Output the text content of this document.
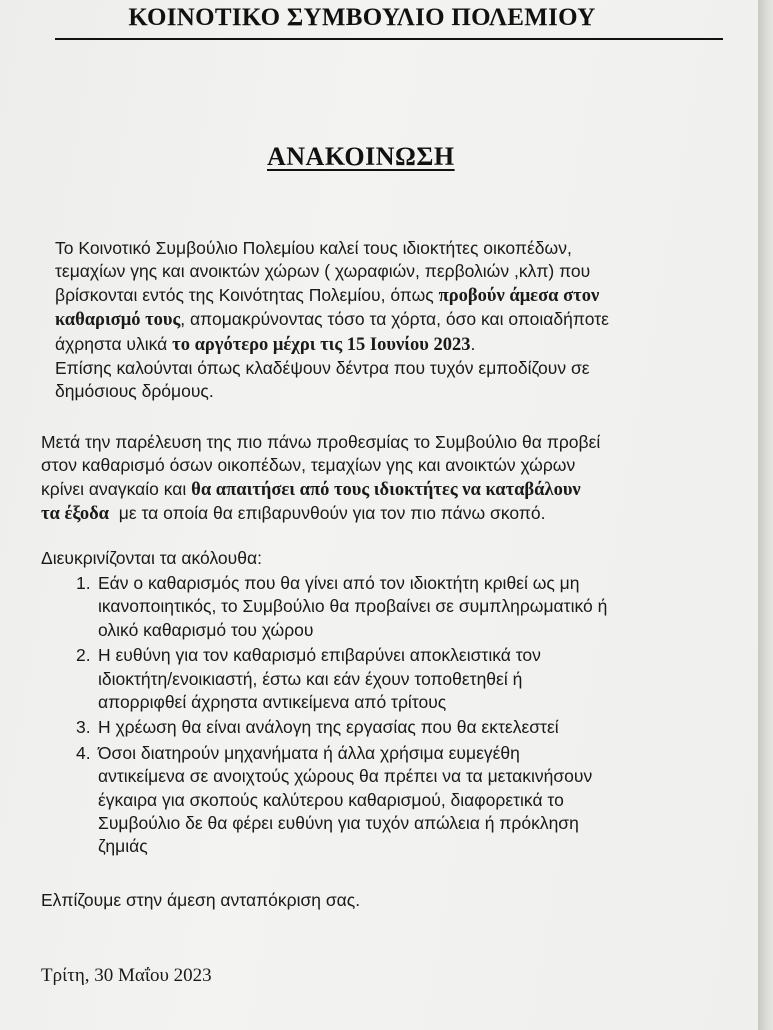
ΚΟΙΝΟΤΙΚΟ ΣΥΜΒΟΥΛΙΟ ΠΟΛΕΜΙΟΥ
ΑΝΑΚΟΙΝΩΣΗ
Το Κοινοτικό Συμβούλιο Πολεμίου καλεί τους ιδιοκτήτες οικοπέδων,
τεμαχίων γης και ανοικτών χώρων ( χωραφιών, περβολιών ,κλπ) που
βρίσκονται εντός της Κοινότητας Πολεμίου, όπως προβούν άμεσα στον
καθαρισμό τους, απομακρύνοντας τόσο τα χόρτα, όσο και οποιαδήποτε
άχρηστα υλικά το αργότερο μέχρι τις 15 Ιουνίου 2023.
Επίσης καλούνται όπως κλαδέψουν δέντρα που τυχόν εμποδίζουν σε
δημόσιους δρόμους.
Μετά την παρέλευση της πιο πάνω προθεσμίας το Συμβούλιο θα προβεί
στον καθαρισμό όσων οικοπέδων, τεμαχίων γης και ανοικτών χώρων
κρίνει αναγκαίο και θα απαιτήσει από τους ιδιοκτήτες να καταβάλουν
τα έξοδα  με τα οποία θα επιβαρυνθούν για τον πιο πάνω σκοπό.
Διευκρινίζονται τα ακόλουθα:
1. Εάν ο καθαρισμός που θα γίνει από τον ιδιοκτήτη κριθεί ως μη
ικανοποιητικός, το Συμβούλιο θα προβαίνει σε συμπληρωματικό ή
ολικό καθαρισμό του χώρου
2. Η ευθύνη για τον καθαρισμό επιβαρύνει αποκλειστικά τον
ιδιοκτήτη/ενοικιαστή, έστω και εάν έχουν τοποθετηθεί ή
απορριφθεί άχρηστα αντικείμενα από τρίτους
3. Η χρέωση θα είναι ανάλογη της εργασίας που θα εκτελεστεί
4. Όσοι διατηρούν μηχανήματα ή άλλα χρήσιμα ευμεγέθη
αντικείμενα σε ανοιχτούς χώρους θα πρέπει να τα μετακινήσουν
έγκαιρα για σκοπούς καλύτερου καθαρισμού, διαφορετικά το
Συμβούλιο δε θα φέρει ευθύνη για τυχόν απώλεια ή πρόκληση
ζημιάς
Ελπίζουμε στην άμεση ανταπόκριση σας.
Τρίτη, 30 Μαΐου 2023
